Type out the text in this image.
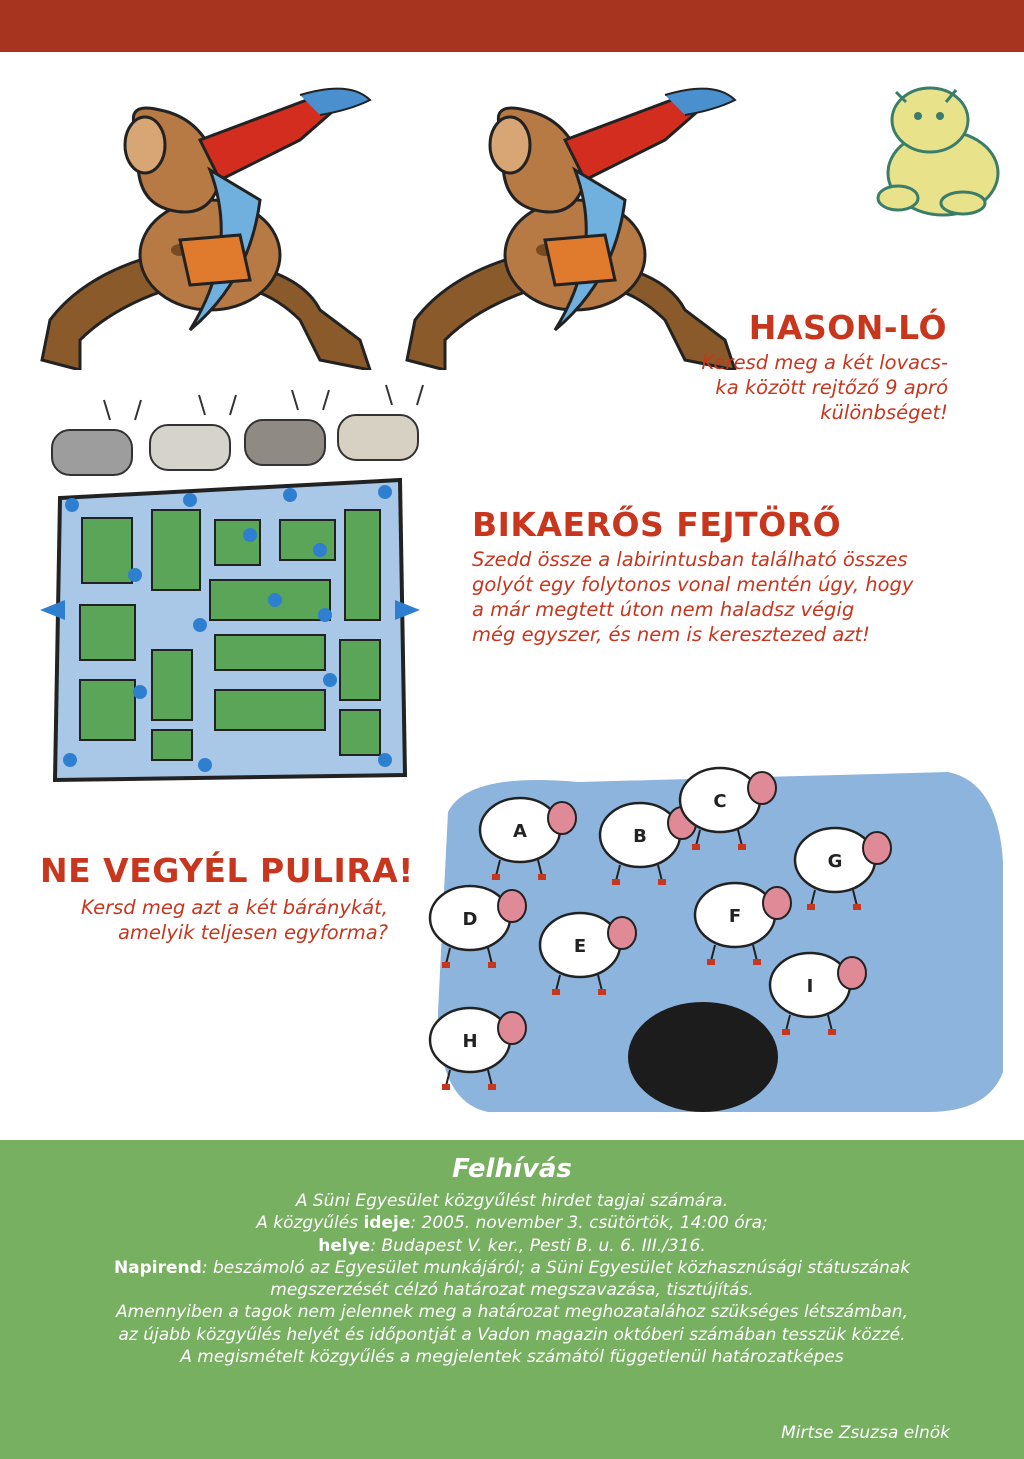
HASON-LÓ
Keresd meg a két lovacs-
ka között rejtőző 9 apró
különbséget!
BIKAERŐS FEJTÖRŐ
Szedd össze a labirintusban található összes
golyót egy folytonos vonal mentén úgy, hogy
a már megtett úton nem haladsz végig
még egyszer, és nem is keresztezed azt!
A	B
C
D
E
F
G
H
I
NE VEGYÉL PULIRA!
Kersd meg azt a két báránykát,
amelyik teljesen egyforma?
Felhívás
A Süni Egyesület közgyűlést hirdet tagjai számára.
A közgyűlés ideje: 2005. november 3. csütörtök, 14:00 óra;
helye: Budapest V. ker., Pesti B. u. 6. III./316.
Napirend: beszámoló az Egyesület munkájáról; a Süni Egyesület közhasznúsági státuszának
megszerzését célzó határozat megszavazása, tisztújítás.
Amennyiben a tagok nem jelennek meg a határozat meghozatalához szükséges létszámban,
az újabb közgyűlés helyét és időpontját a Vadon magazin októberi számában tesszük közzé.
A megismételt közgyűlés a megjelentek számától függetlenül határozatképes
Mirtse Zsuzsa elnök
